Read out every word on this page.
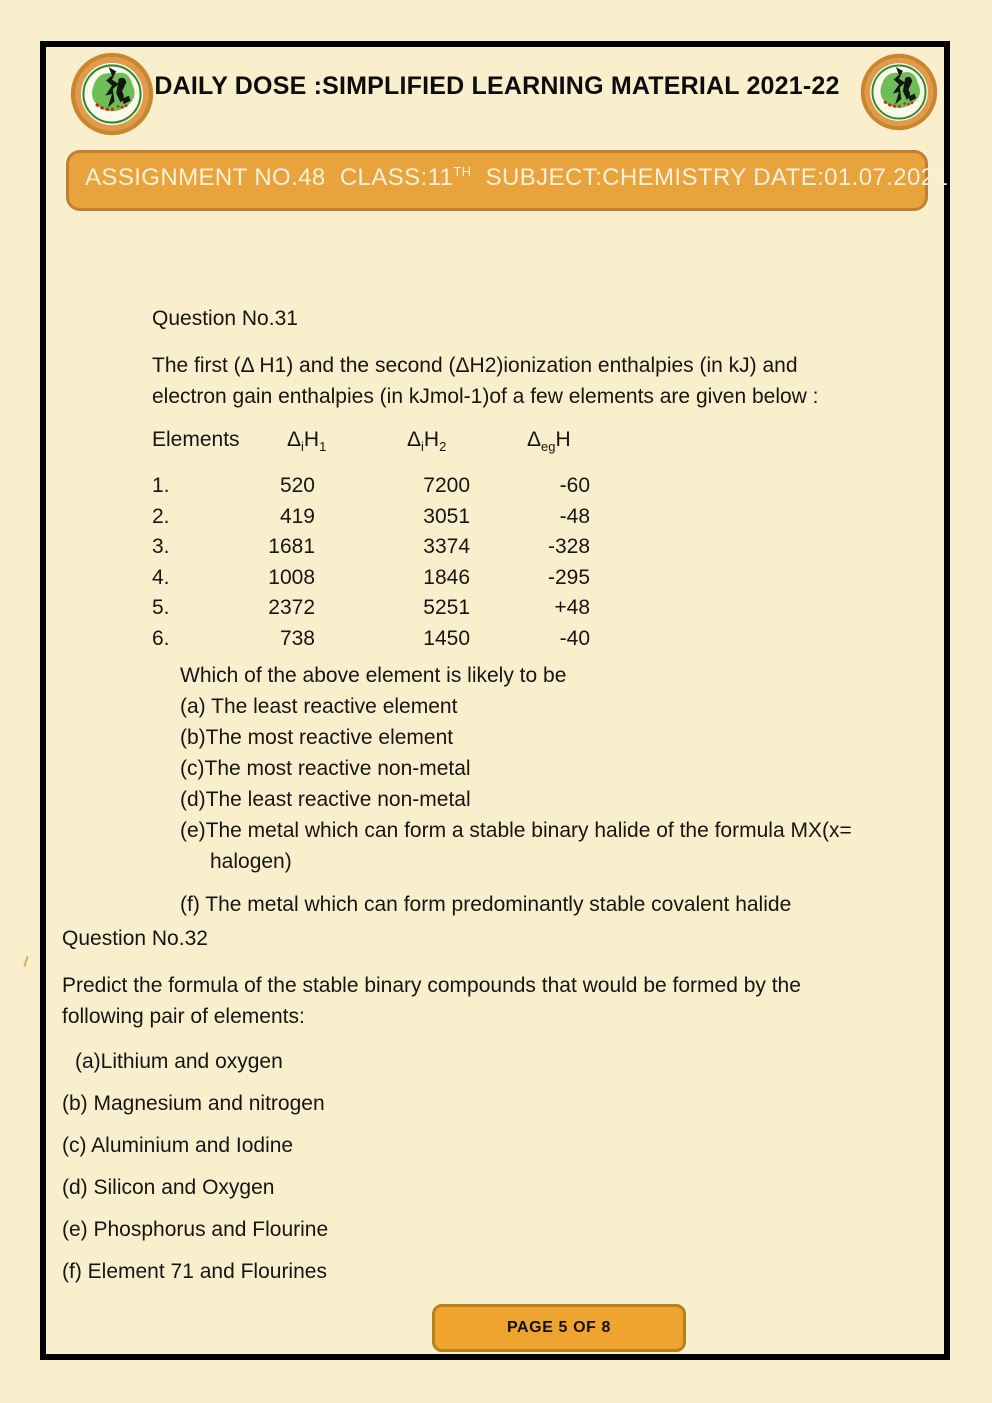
DAILY DOSE :SIMPLIFIED LEARNING MATERIAL 2021-22
ASSIGNMENT NO.48  CLASS:11TH  SUBJECT:CHEMISTRY DATE:01.07.2021
Question No.31
The first (Δ H1) and the second (ΔH2)ionization enthalpies (in kJ) and
electron gain enthalpies (in kJmol-1)of a few elements are given below :
Elements	$\Delta_iH_1$	$\Delta_iH_2$	$\Delta_{eg}H$
1.	520	7200	-60
2.	419	3051	-48
3.	1681	3374	-328
4.	1008	1846	-295
5.	2372	5251	+48
6.	738	1450	-40
Which of the above element is likely to be
(a) The least reactive element
(b)The most reactive element
(c)The most reactive non-metal
(d)The least reactive non-metal
(e)The metal which can form a stable binary halide of the formula MX(x=
halogen)
(f) The metal which can form predominantly stable covalent halide
Question No.32
Predict the formula of the stable binary compounds that would be formed by the
following pair of elements:
(a)Lithium and oxygen
(b) Magnesium and nitrogen
(c) Aluminium and Iodine
(d) Silicon and Oxygen
(e) Phosphorus and Flourine
(f) Element 71 and Flourines
PAGE 5 OF 8
